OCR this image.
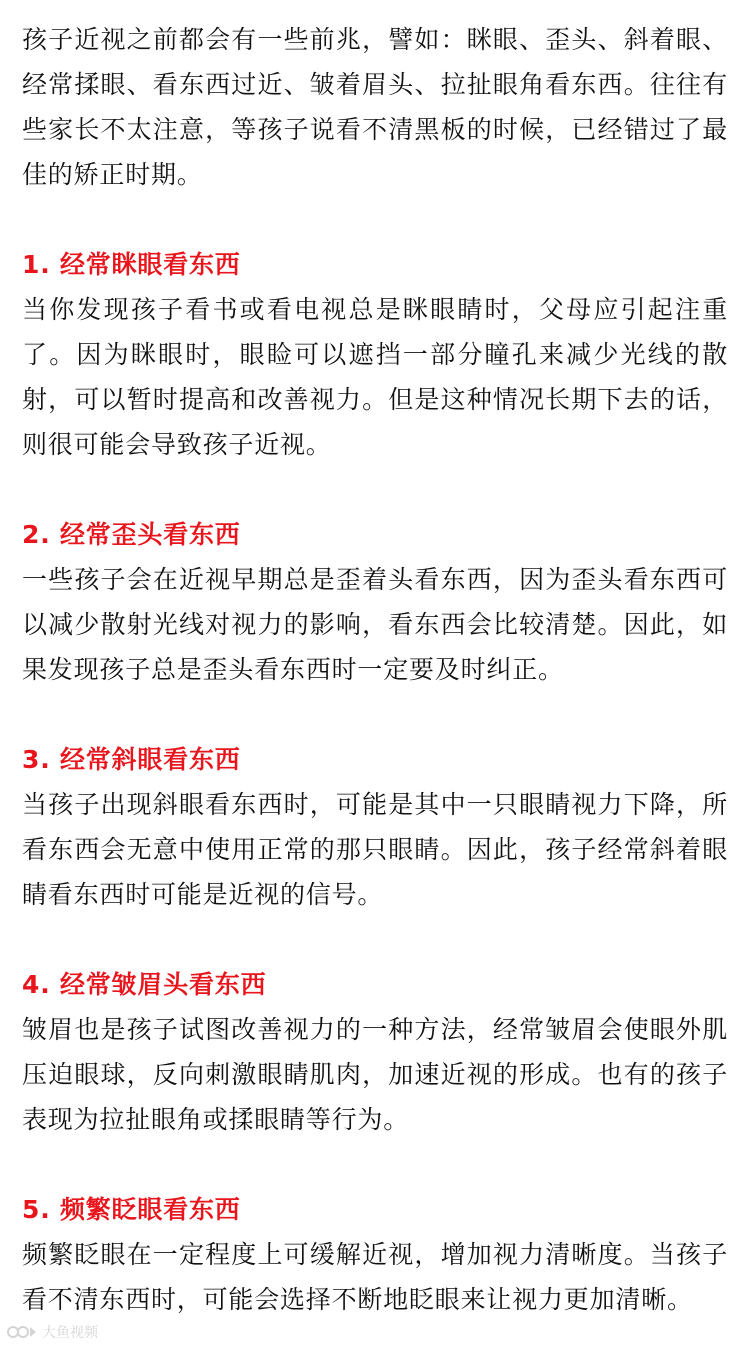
孩子近视之前都会有一些前兆，譬如：眯眼、歪头、斜着眼、经常揉眼、看东西过近、皱着眉头、拉扯眼角看东西。往往有些家长不太注意，等孩子说看不清黑板的时候，已经错过了最佳的矫正时期。

1. 经常眯眼看东西

当你发现孩子看书或看电视总是眯眼睛时，父母应引起注重了。因为眯眼时，眼睑可以遮挡一部分瞳孔来减少光线的散射，可以暂时提高和改善视力。但是这种情况长期下去的话，则很可能会导致孩子近视。

2. 经常歪头看东西

一些孩子会在近视早期总是歪着头看东西，因为歪头看东西可以减少散射光线对视力的影响，看东西会比较清楚。因此，如果发现孩子总是歪头看东西时一定要及时纠正。

3. 经常斜眼看东西

当孩子出现斜眼看东西时，可能是其中一只眼睛视力下降，所看东西会无意中使用正常的那只眼睛。因此，孩子经常斜着眼睛看东西时可能是近视的信号。

4. 经常皱眉头看东西

皱眉也是孩子试图改善视力的一种方法，经常皱眉会使眼外肌压迫眼球，反向刺激眼睛肌肉，加速近视的形成。也有的孩子表现为拉扯眼角或揉眼睛等行为。

5. 频繁眨眼看东西

频繁眨眼在一定程度上可缓解近视，增加视力清晰度。当孩子看不清东西时，可能会选择不断地眨眼来让视力更加清晰。

大鱼视频
